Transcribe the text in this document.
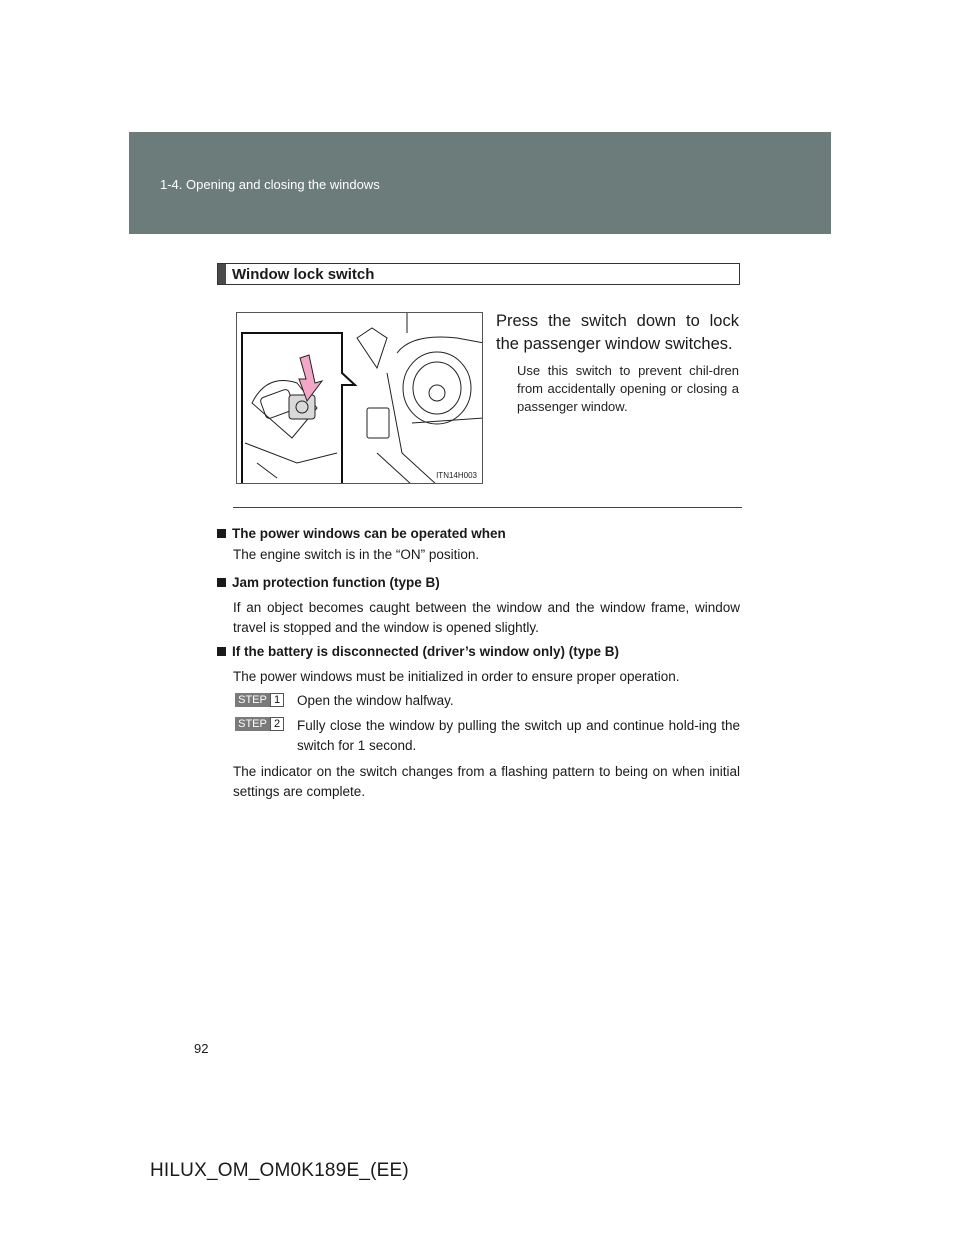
1-4. Opening and closing the windows
Window lock switch
ITN14H003
Press the switch down to lock the passenger window switches.
Use this switch to prevent chil-dren from accidentally opening or closing a passenger window.
The power windows can be operated when
The engine switch is in the “ON” position.
Jam protection function (type B)
If an object becomes caught between the window and the window frame, window travel is stopped and the window is opened slightly.
If the battery is disconnected (driver’s window only) (type B)
The power windows must be initialized in order to ensure proper operation.
STEP 1 Open the window halfway.
STEP 2 Fully close the window by pulling the switch up and continue hold-ing the switch for 1 second.
The indicator on the switch changes from a flashing pattern to being on when initial settings are complete.
92
HILUX_OM_OM0K189E_(EE)
